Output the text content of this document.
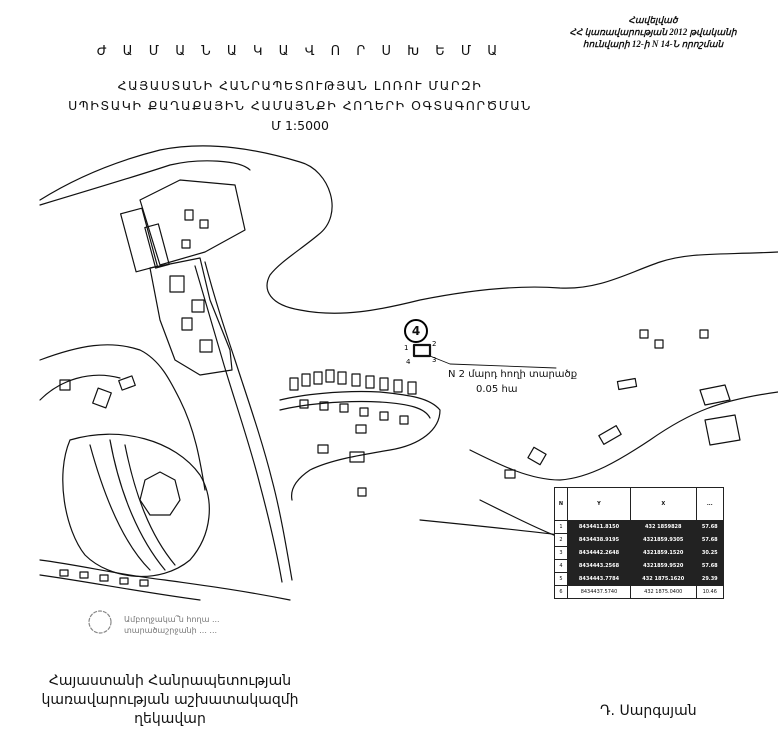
Հավելված
ՀՀ կառավարության 2012 թվականի
հունվարի 12-ի N 14-Ն որոշման
Ժ Ա Մ Ա Ն Ա Կ Ա Վ Ո Ր Ս Խ Ե Մ Ա
ՀԱՅԱՍՏԱՆԻ ՀԱՆՐԱՊԵՏՈՒԹՅԱՆ ԼՈՌՈՒ ՄԱՐԶԻ
ՍՊԻՏԱԿԻ ՔԱՂԱՔԱՅԻՆ ՀԱՄԱՅՆՔԻ ՀՈՂԵՐԻ ՕԳՏԱԳՈՐԾՄԱՆ
Մ 1:5000
1	2
3
4
4
N 2 մարդ հողի տարածք
0.05 հա
Ամբողջակա՞ն հողա ...
տարածաշրջանի ... ...
N	Y	X	...
1	8434411.8150	432 1859828	57.68
2	8434438.9195	4321859.9305	57.68
3	8434442.2648	4321859.1520	30.25
4	8434443.2568	4321859.9520	57.68
5	8434443.7784	432 1875.1620	29.39
6	8434437.5740	432 1875.0400	10.46
Հայաստանի Հանրապետության
կառավարության աշխատակազմի
ղեկավար	Դ. Սարգսյան
